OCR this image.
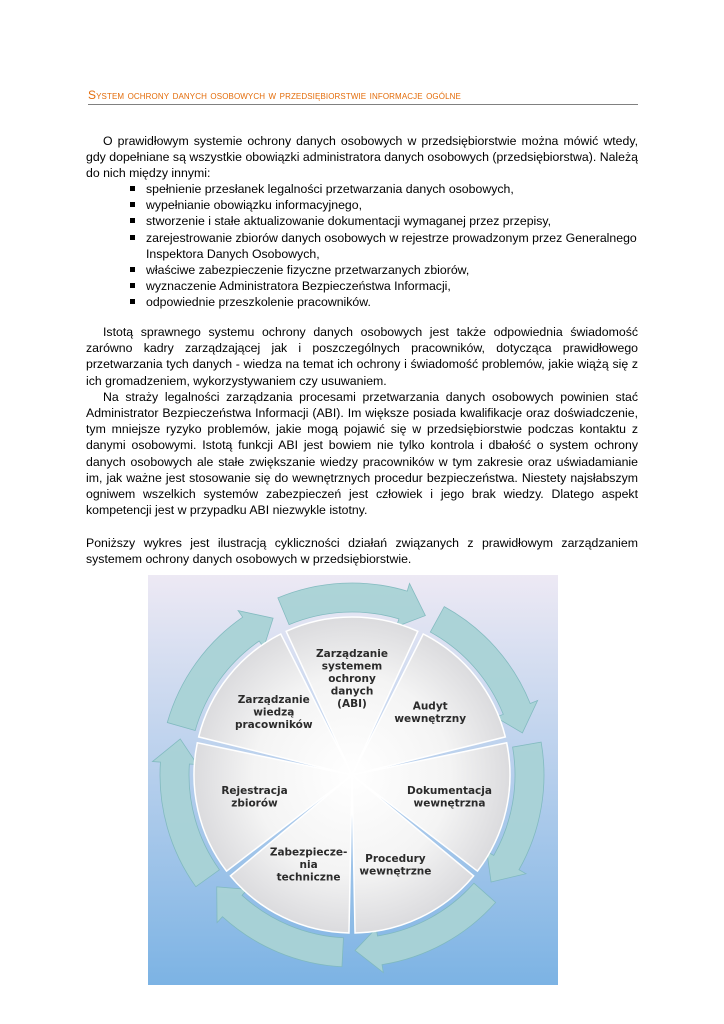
System ochrony danych osobowych w przedsiębiorstwie informacje ogólne

O prawidłowym systemie ochrony danych osobowych w przedsiębiorstwie można mówić wtedy, gdy dopełniane są wszystkie obowiązki administratora danych osobowych (przedsiębiorstwa). Należą do nich między innymi:

spełnienie przesłanek legalności przetwarzania danych osobowych,
wypełnianie obowiązku informacyjnego,
stworzenie i stałe aktualizowanie dokumentacji wymaganej przez przepisy,
zarejestrowanie zbiorów danych osobowych w rejestrze prowadzonym przez Generalnego Inspektora Danych Osobowych,
właściwe zabezpieczenie fizyczne przetwarzanych zbiorów,
wyznaczenie Administratora Bezpieczeństwa Informacji,
odpowiednie przeszkolenie pracowników.

Istotą sprawnego systemu ochrony danych osobowych jest także odpowiednia świadomość zarówno kadry zarządzającej jak i poszczególnych pracowników, dotycząca prawidłowego przetwarzania tych danych - wiedza na temat ich ochrony i świadomość problemów, jakie wiążą się z ich gromadzeniem, wykorzystywaniem czy usuwaniem.

Na straży legalności zarządzania procesami przetwarzania danych osobowych powinien stać Administrator Bezpieczeństwa Informacji (ABI). Im większe posiada kwalifikacje oraz doświadczenie, tym mniejsze ryzyko problemów, jakie mogą pojawić się w przedsiębiorstwie podczas kontaktu z danymi osobowymi. Istotą funkcji ABI jest bowiem nie tylko kontrola i dbałość o system ochrony danych osobowych ale stałe zwiększanie wiedzy pracowników w tym zakresie oraz uświadamianie im, jak ważne jest stosowanie się do wewnętrznych procedur bezpieczeństwa. Niestety najsłabszym ogniwem wszelkich systemów zabezpieczeń jest człowiek i jego brak wiedzy. Dlatego aspekt kompetencji jest w przypadku ABI niezwykle istotny.

Poniższy wykres jest ilustracją cykliczności działań związanych z prawidłowym zarządzaniem systemem ochrony danych osobowych w przedsiębiorstwie.

Zarządzanie
systemem
ochrony
danych
(ABI)	Audyt
wewnętrzny
Dokumentacja
wewnętrzna
Procedury
wewnętrzne
Zabezpiecze-
nia
techniczne
Rejestracja
zbiorów
Zarządzanie
wiedzą
pracowników
